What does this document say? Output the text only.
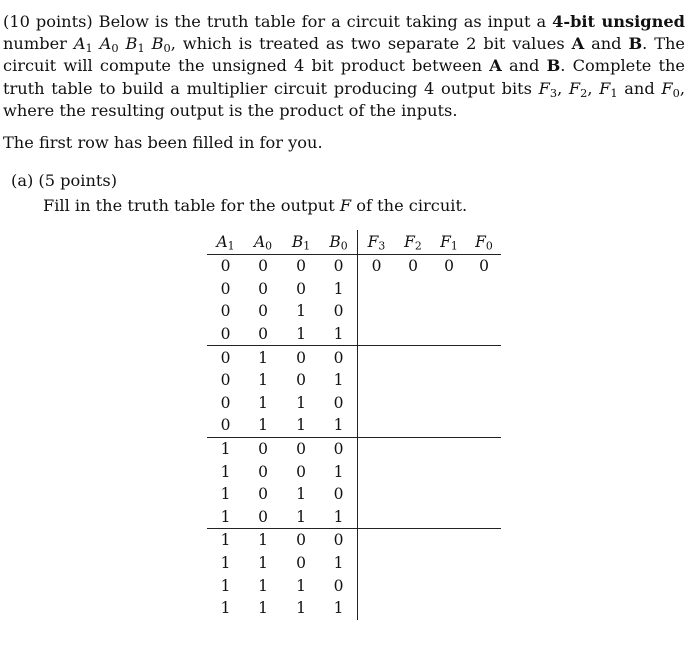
(10 points) Below is the truth table for a circuit taking as input a 4-bit unsigned number $A_1$ $A_0$ $B_1$ $B_0$, which is treated as two separate 2 bit values A and B. The circuit will compute the unsigned 4 bit product between A and B. Complete the truth table to build a multiplier circuit producing 4 output bits $F_3$, $F_2$, $F_1$ and $F_0$, where the resulting output is the product of the inputs.

The first row has been filled in for you.

(a) (5 points)
Fill in the truth table for the output F of the circuit.
$A_1$	$A_0$	$B_1$	$B_0$	$F_3$	$F_2$	$F_1$	$F_0$
0	0	0	0	0	0	0	0
0	0	0	1				
0	0	1	0				
0	0	1	1				
0	1	0	0				
0	1	0	1				
0	1	1	0				
0	1	1	1				
1	0	0	0				
1	0	0	1				
1	0	1	0				
1	0	1	1				
1	1	0	0				
1	1	0	1				
1	1	1	0				
1	1	1	1				
